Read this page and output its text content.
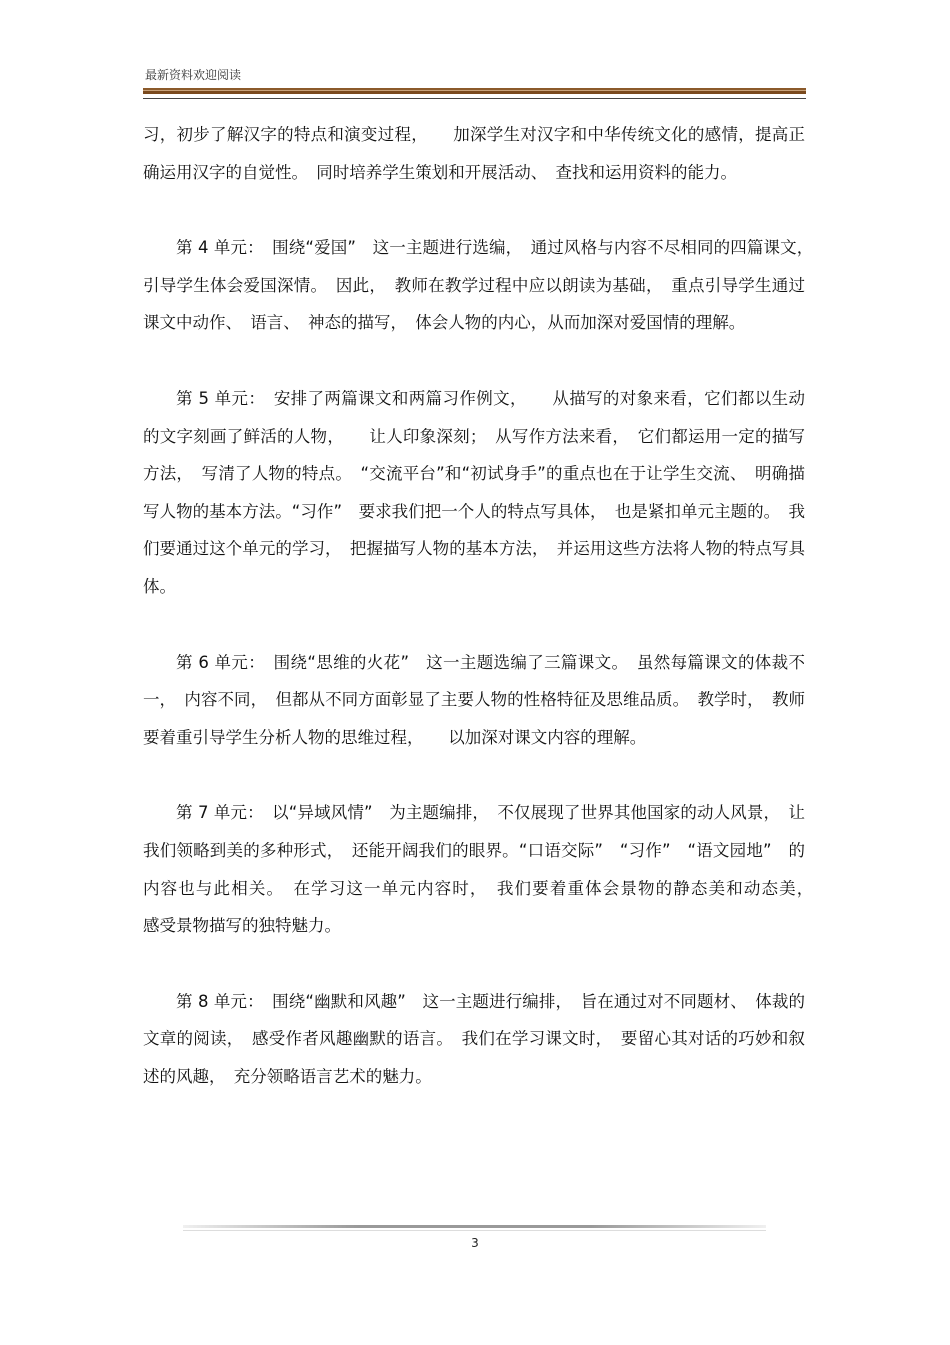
最新资料欢迎阅读

习，初步了解汉字的特点和演变过程，　　加深学生对汉字和中华传统文化的感情，提高正确运用汉字的自觉性。　同时培养学生策划和开展活动、　查找和运用资料的能力。

第 4 单元：　围绕“爱国”　这一主题进行选编，　通过风格与内容不尽相同的四篇课文，　引导学生体会爱国深情。　因此，　教师在教学过程中应以朗读为基础，　重点引导学生通过课文中动作、　语言、　神态的描写，　体会人物的内心，从而加深对爱国情的理解。

第 5 单元：　安排了两篇课文和两篇习作例文，　　从描写的对象来看，它们都以生动的文字刻画了鲜活的人物，　　让人印象深刻；　从写作方法来看，　它们都运用一定的描写方法，　写清了人物的特点。　“交流平台”和“初试身手”的重点也在于让学生交流、　明确描写人物的基本方法。“习作”　要求我们把一个人的特点写具体，　也是紧扣单元主题的。　我们要通过这个单元的学习，　把握描写人物的基本方法，　并运用这些方法将人物的特点写具体。

第 6 单元：　围绕“思维的火花”　这一主题选编了三篇课文。　虽然每篇课文的体裁不一，　内容不同，　但都从不同方面彰显了主要人物的性格特征及思维品质。　教学时，　教师要着重引导学生分析人物的思维过程，　　以加深对课文内容的理解。

第 7 单元：　以“异域风情”　为主题编排，　不仅展现了世界其他国家的动人风景，　让我们领略到美的多种形式，　还能开阔我们的眼界。“口语交际”　“习作”　“语文园地”　的内容也与此相关。　在学习这一单元内容时，　我们要着重体会景物的静态美和动态美，　　感受景物描写的独特魅力。

第 8 单元：　围绕“幽默和风趣”　这一主题进行编排，　旨在通过对不同题材、　体裁的文章的阅读，　感受作者风趣幽默的语言。　我们在学习课文时，　要留心其对话的巧妙和叙述的风趣，　充分领略语言艺术的魅力。

3
